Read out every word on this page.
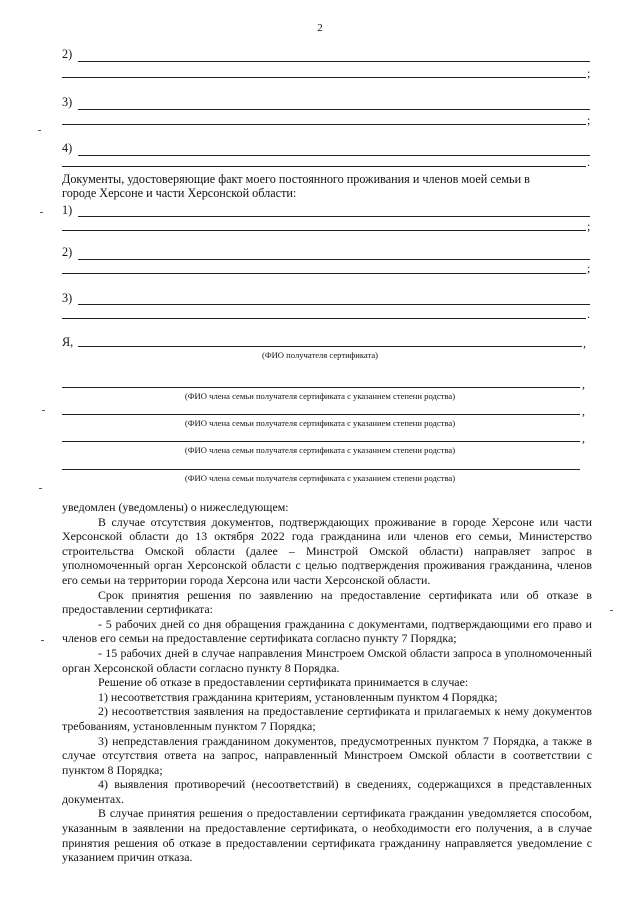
2
2)
;
3)
;
4)
.
Документы, удостоверяющие факт моего постоянного проживания и членов моей семьи в
городе Херсоне и части Херсонской области:
1)
;
2)
;
3)
.
Я,	,
(ФИО получателя сертификата)
,
(ФИО члена семьи получателя сертификата с указанием степени родства)
,
(ФИО члена семьи получателя сертификата с указанием степени родства)
,
(ФИО члена семьи получателя сертификата с указанием степени родства)
(ФИО члена семьи получателя сертификата с указанием степени родства)

уведомлен (уведомлены) о нижеследующем:

В случае отсутствия документов, подтверждающих проживание в городе Херсоне или части Херсонской области до 13 октября 2022 года гражданина или членов его семьи, Министерство строительства Омской области (далее – Минстрой Омской области) направляет запрос в уполномоченный орган Херсонской области с целью подтверждения проживания гражданина, членов его семьи на территории города Херсона или части Херсонской области.

Срок принятия решения по заявлению на предоставление сертификата или об отказе в предоставлении сертификата:

- 5 рабочих дней со дня обращения гражданина с документами, подтверждающими его право и членов его семьи на предоставление сертификата согласно пункту 7 Порядка;

- 15 рабочих дней в случае направления Минстроем Омской области запроса в уполномоченный орган Херсонской области согласно пункту 8 Порядка.

Решение об отказе в предоставлении сертификата принимается в случае:

1) несоответствия гражданина критериям, установленным пунктом 4 Порядка;

2) несоответствия заявления на предоставление сертификата и прилагаемых к нему документов требованиям, установленным пунктом 7 Порядка;

3) непредставления гражданином документов, предусмотренных пунктом 7 Порядка, а также в случае отсутствия ответа на запрос, направленный Минстроем Омской области в соответствии с пунктом 8 Порядка;

4) выявления противоречий (несоответствий) в сведениях, содержащихся в представленных документах.

В случае принятия решения о предоставлении сертификата гражданин уведомляется способом, указанным в заявлении на предоставление сертификата, о необходимости его получения, а в случае принятия решения об отказе в предоставлении сертификата гражданину направляется уведомление с указанием причин отказа.
